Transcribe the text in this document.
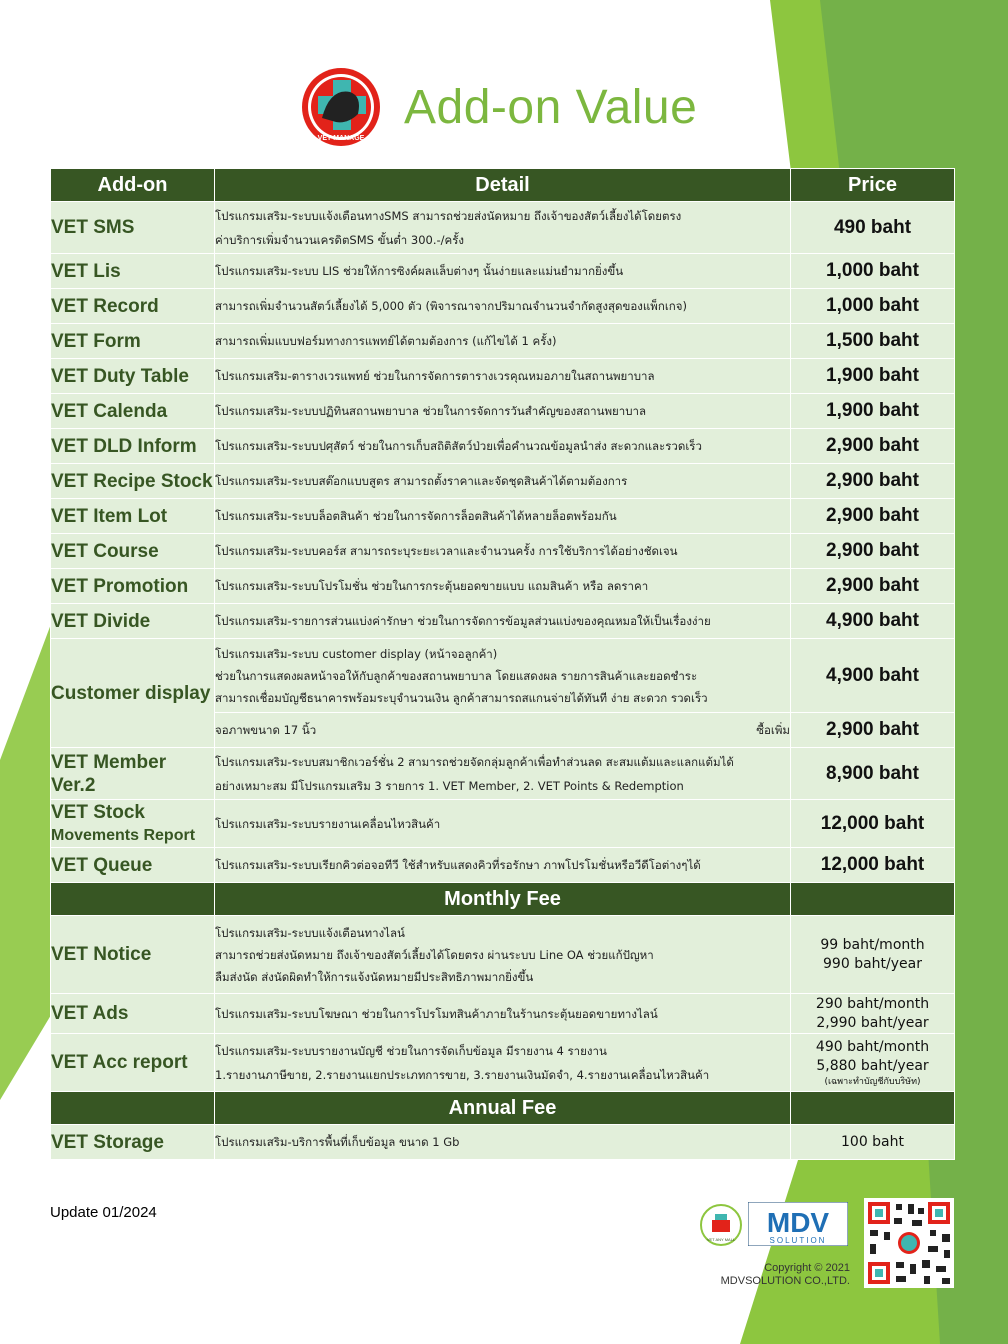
VET MANAGE
Add-on Value
Add-on	Detail	Price
VET SMS	โปรแกรมเสริม-ระบบแจ้งเตือนทางSMS สามารถช่วยส่งนัดหมาย ถึงเจ้าของสัตว์เลี้ยงได้โดยตรง
ค่าบริการเพิ่มจำนวนเครดิตSMS ขั้นต่ำ 300.-/ครั้ง	490 baht
VET Lis	โปรแกรมเสริม-ระบบ LIS ช่วยให้การซิงค์ผลแล็บต่างๆ นั้นง่ายและแม่นยำมากยิ่งขึ้น	1,000 baht
VET Record	สามารถเพิ่มจำนวนสัตว์เลี้ยงได้ 5,000 ตัว (พิจารณาจากปริมาณจำนวนจำกัดสูงสุดของแพ็กเกจ)	1,000 baht
VET Form	สามารถเพิ่มแบบฟอร์มทางการแพทย์ได้ตามต้องการ (แก้ไขได้ 1 ครั้ง)	1,500 baht
VET Duty Table	โปรแกรมเสริม-ตารางเวรแพทย์ ช่วยในการจัดการตารางเวรคุณหมอภายในสถานพยาบาล	1,900 baht
VET Calenda	โปรแกรมเสริม-ระบบปฏิทินสถานพยาบาล ช่วยในการจัดการวันสำคัญของสถานพยาบาล	1,900 baht
VET DLD Inform	โปรแกรมเสริม-ระบบปศุสัตว์ ช่วยในการเก็บสถิติสัตว์ป่วยเพื่อคำนวณข้อมูลนำส่ง สะดวกและรวดเร็ว	2,900 baht
VET Recipe Stock	โปรแกรมเสริม-ระบบสต๊อกแบบสูตร สามารถตั้งราคาและจัดชุดสินค้าได้ตามต้องการ	2,900 baht
VET Item Lot	โปรแกรมเสริม-ระบบล็อตสินค้า ช่วยในการจัดการล็อตสินค้าได้หลายล็อตพร้อมกัน	2,900 baht
VET Course	โปรแกรมเสริม-ระบบคอร์ส สามารถระบุระยะเวลาและจำนวนครั้ง การใช้บริการได้อย่างชัดเจน	2,900 baht
VET Promotion	โปรแกรมเสริม-ระบบโปรโมชั่น ช่วยในการกระตุ้นยอดขายแบบ แถมสินค้า หรือ ลดราคา	2,900 baht
VET Divide	โปรแกรมเสริม-รายการส่วนแบ่งค่ารักษา ช่วยในการจัดการข้อมูลส่วนแบ่งของคุณหมอให้เป็นเรื่องง่าย	4,900 baht
Customer display	โปรแกรมเสริม-ระบบ customer display (หน้าจอลูกค้า)
ช่วยในการแสดงผลหน้าจอให้กับลูกค้าของสถานพยาบาล โดยแสดงผล รายการสินค้าและยอดชำระ
สามารถเชื่อมบัญชีธนาคารพร้อมระบุจำนวนเงิน ลูกค้าสามารถสแกนจ่ายได้ทันที ง่าย สะดวก รวดเร็ว	4,900 baht

	จอภาพขนาด 17 นิ้ว ซื้อเพิ่ม	2,900 baht

VET Member
Ver.2	โปรแกรมเสริม-ระบบสมาชิกเวอร์ชั่น 2 สามารถช่วยจัดกลุ่มลูกค้าเพื่อทำส่วนลด สะสมแต้มและแลกแต้มได้
อย่างเหมาะสม มีโปรแกรมเสริม 3 รายการ 1. VET Member, 2. VET Points & Redemption	8,900 baht

VET Stock
Movements Report	โปรแกรมเสริม-ระบบรายงานเคลื่อนไหวสินค้า	12,000 baht
VET Queue	โปรแกรมเสริม-ระบบเรียกคิวต่อจอทีวี ใช้สำหรับแสดงคิวที่รอรักษา ภาพโปรโมชั่นหรือวีดีโอต่างๆได้	12,000 baht
	Monthly Fee	
VET Notice	โปรแกรมเสริม-ระบบแจ้งเตือนทางไลน์
สามารถช่วยส่งนัดหมาย ถึงเจ้าของสัตว์เลี้ยงได้โดยตรง ผ่านระบบ Line OA ช่วยแก้ปัญหา
ลืมส่งนัด ส่งนัดผิดทำให้การแจ้งนัดหมายมีประสิทธิภาพมากยิ่งขึ้น	99 baht/month
990 baht/year

VET Ads	โปรแกรมเสริม-ระบบโฆษณา ช่วยในการโปรโมทสินค้าภายในร้านกระตุ้นยอดขายทางไลน์	290 baht/month
2,990 baht/year

VET Acc report	โปรแกรมเสริม-ระบบรายงานบัญชี ช่วยในการจัดเก็บข้อมูล มีรายงาน 4 รายงาน
1.รายงานภาษีขาย, 2.รายงานแยกประเภทการขาย, 3.รายงานเงินมัดจำ, 4.รายงานเคลื่อนไหวสินค้า	490 baht/month
5,880 baht/year
(เฉพาะทำบัญชีกับบริษัท)

	Annual Fee	
VET Storage	โปรแกรมเสริม-บริการพื้นที่เก็บข้อมูล ขนาด 1 Gb	100 baht
Update 01/2024
VET ANY MALL
MDV
SOLUTION
Copyright © 2021
MDVSOLUTION CO.,LTD.
